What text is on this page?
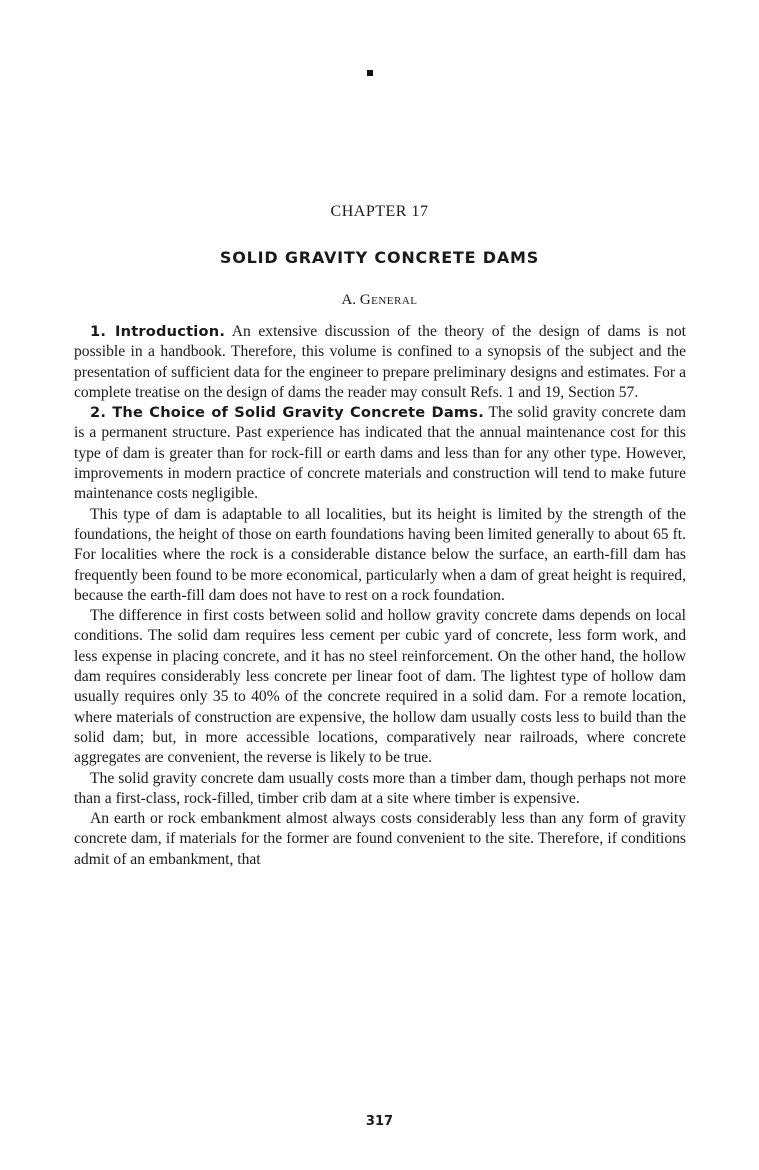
CHAPTER 17
SOLID GRAVITY CONCRETE DAMS
A. General

1. Introduction. An extensive discussion of the theory of the design of dams is not possible in a handbook. Therefore, this volume is confined to a synopsis of the subject and the presentation of sufficient data for the engineer to prepare preliminary designs and estimates. For a complete treatise on the design of dams the reader may consult Refs. 1 and 19, Section 57.

2. The Choice of Solid Gravity Concrete Dams. The solid gravity concrete dam is a permanent structure. Past experience has indicated that the annual maintenance cost for this type of dam is greater than for rock-fill or earth dams and less than for any other type. However, improvements in modern practice of concrete materials and construction will tend to make future maintenance costs negligible.

This type of dam is adaptable to all localities, but its height is limited by the strength of the foundations, the height of those on earth foundations having been limited generally to about 65 ft. For localities where the rock is a considerable distance below the surface, an earth-fill dam has frequently been found to be more economical, particularly when a dam of great height is required, because the earth-fill dam does not have to rest on a rock foundation.

The difference in first costs between solid and hollow gravity concrete dams depends on local conditions. The solid dam requires less cement per cubic yard of concrete, less form work, and less expense in placing concrete, and it has no steel reinforcement. On the other hand, the hollow dam requires considerably less concrete per linear foot of dam. The lightest type of hollow dam usually requires only 35 to 40% of the concrete required in a solid dam. For a remote location, where materials of construction are expensive, the hollow dam usually costs less to build than the solid dam; but, in more accessible locations, comparatively near railroads, where concrete aggregates are convenient, the reverse is likely to be true.

The solid gravity concrete dam usually costs more than a timber dam, though perhaps not more than a first-class, rock-filled, timber crib dam at a site where timber is expensive.

An earth or rock embankment almost always costs considerably less than any form of gravity concrete dam, if materials for the former are found convenient to the site. Therefore, if conditions admit of an embankment, that

317
